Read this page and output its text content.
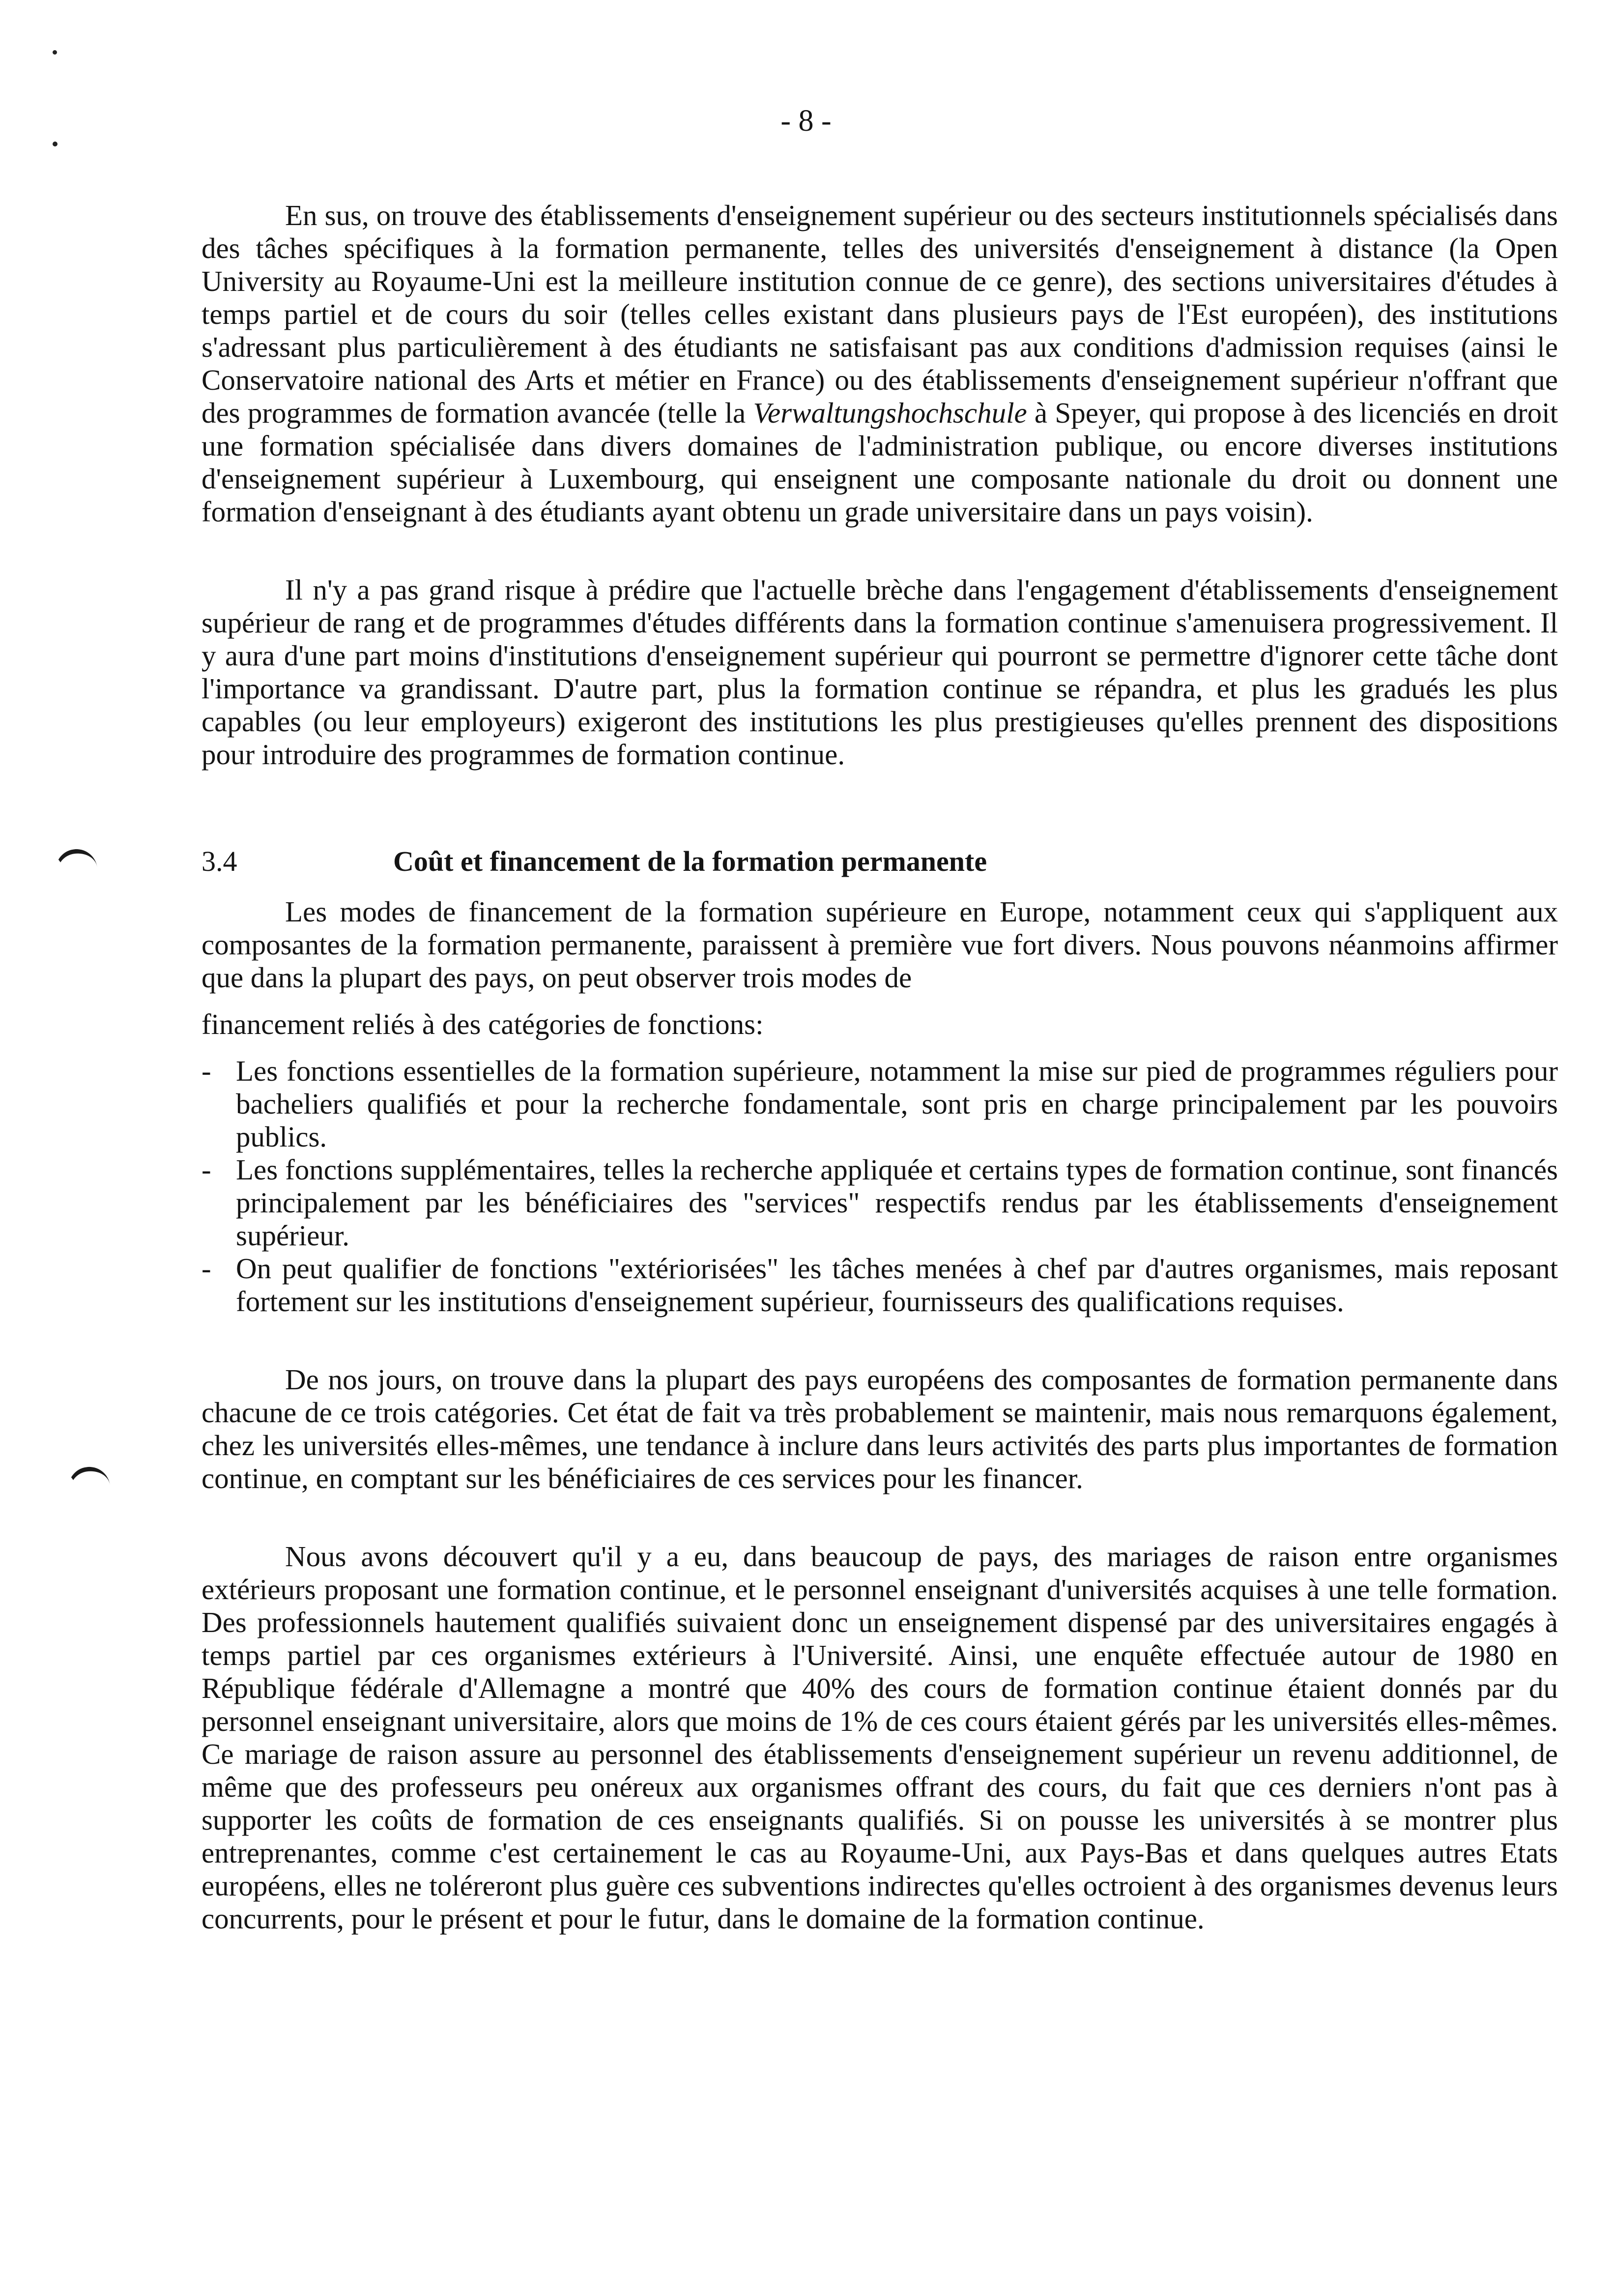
- 8 -

En sus, on trouve des établissements d'enseignement supérieur ou des secteurs institutionnels spécialisés dans des tâches spécifiques à la formation permanente, telles des universités d'enseignement à distance (la Open University au Royaume-Uni est la meilleure institution connue de ce genre), des sections universitaires d'études à temps partiel et de cours du soir (telles celles existant dans plusieurs pays de l'Est européen), des institutions s'adressant plus particulièrement à des étudiants ne satisfaisant pas aux conditions d'admission requises (ainsi le Conservatoire national des Arts et métier en France) ou des établissements d'enseignement supérieur n'offrant que des programmes de formation avancée (telle la Verwaltungshochschule à Speyer, qui propose à des licenciés en droit une formation spécialisée dans divers domaines de l'administration publique, ou encore diverses institutions d'enseignement supérieur à Luxembourg, qui enseignent une composante nationale du droit ou donnent une formation d'enseignant à des étudiants ayant obtenu un grade universitaire dans un pays voisin).

Il n'y a pas grand risque à prédire que l'actuelle brèche dans l'engagement d'établissements d'enseignement supérieur de rang et de programmes d'études différents dans la formation continue s'amenuisera progressivement. Il y aura d'une part moins d'institutions d'enseignement supérieur qui pourront se permettre d'ignorer cette tâche dont l'importance va grandissant. D'autre part, plus la formation continue se répandra, et plus les gradués les plus capables (ou leur employeurs) exigeront des institutions les plus prestigieuses qu'elles prennent des dispositions pour introduire des programmes de formation continue.

3.4	Coût et financement de la formation permanente

Les modes de financement de la formation supérieure en Europe, notamment ceux qui s'appliquent aux composantes de la formation permanente, paraissent à première vue fort divers. Nous pouvons néanmoins affirmer que dans la plupart des pays, on peut observer trois modes de

financement reliés à des catégories de fonctions:

- Les fonctions essentielles de la formation supérieure, notamment la mise sur pied de programmes réguliers pour bacheliers qualifiés et pour la recherche fondamentale, sont pris en charge principalement par les pouvoirs publics.
- Les fonctions supplémentaires, telles la recherche appliquée et certains types de formation continue, sont financés principalement par les bénéficiaires des "services" respectifs rendus par les établissements d'enseignement supérieur.
- On peut qualifier de fonctions "extériorisées" les tâches menées à chef par d'autres organismes, mais reposant fortement sur les institutions d'enseignement supérieur, fournisseurs des qualifications requises.

De nos jours, on trouve dans la plupart des pays européens des composantes de formation permanente dans chacune de ce trois catégories. Cet état de fait va très probablement se maintenir, mais nous remarquons également, chez les universités elles-mêmes, une tendance à inclure dans leurs activités des parts plus importantes de formation continue, en comptant sur les bénéficiaires de ces services pour les financer.

Nous avons découvert qu'il y a eu, dans beaucoup de pays, des mariages de raison entre organismes extérieurs proposant une formation continue, et le personnel enseignant d'universités acquises à une telle formation. Des professionnels hautement qualifiés suivaient donc un enseignement dispensé par des universitaires engagés à temps partiel par ces organismes extérieurs à l'Université. Ainsi, une enquête effectuée autour de 1980 en République fédérale d'Allemagne a montré que 40% des cours de formation continue étaient donnés par du personnel enseignant universitaire, alors que moins de 1% de ces cours étaient gérés par les universités elles-mêmes. Ce mariage de raison assure au personnel des établissements d'enseignement supérieur un revenu additionnel, de même que des professeurs peu onéreux aux organismes offrant des cours, du fait que ces derniers n'ont pas à supporter les coûts de formation de ces enseignants qualifiés. Si on pousse les universités à se montrer plus entreprenantes, comme c'est certainement le cas au Royaume-Uni, aux Pays-Bas et dans quelques autres Etats européens, elles ne toléreront plus guère ces subventions indirectes qu'elles octroient à des organismes devenus leurs concurrents, pour le présent et pour le futur, dans le domaine de la formation continue.
